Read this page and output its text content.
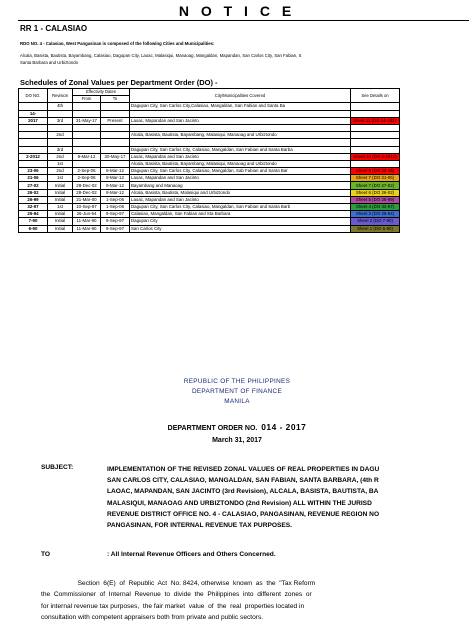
N O T I C E
RR 1 - CALASIAO
RDO NO. 4 - Calasiao, West Pangasinan is composed of the following Cities and Municipalities:
Alcala, Basista, Bautista, Bayambang, Calasiao, Dagupan City, Laoac, Malasiqui, Manaoag, Mangaldan, Mapandan, San Carlos City, San Fabian, S
Santa Barbara and Urbiztondo
Schedules of Zonal Values per Department Order (DO) -
DO NO.	Revision	Effectivity Dates		City/Municipalities Covered	See Details on
		From	To		
	4th			Dagupan City, San Carlos City,Calasiao, Mangaldan, San Fabian and Santa Ba	
14-					
2017	3rd	31-May-17	Present	Laoac, Mapandan and San Jacinto	Sheet 11 (DO 14-2017

	2nd			Alcala, Basista, Bautista, Bayambang, Malasiqui, Manaoag and Urbiztondo	

	3rd			Dagupan City, San Carlos City, Calasiao, Mangaldan, San Fabian and Santa Barba	
2-2012	2nd	9-Mar-12	30-May-17	Laoac, Mapandan and San Jacinto	Sheet 10 (DO 2-2012)
	1st			Alcala, Basista, Bautista, Bayambang, Malasiqui, Manaoag and Urbiztondo	
23-06	2nd	2-Sep-06	8-Mar-12	Dagupan City, San Carlos City, Calasiao, Mangaldan, Sab Fabian and Santa Bar	Sheet 9 (DO 23-06)
21-06	1st	2-Sep-06	8-Mar-12	Laoac, Mapandan and San Jacinto	Sheet 7 (DO 21-06)
27-02	Initial	28-Dec-02	8-Mar-12	Bayambang and Manaoag	Sheet 7 (DO 27-02)
26-02	Initial	28-Dec-02	8-Mar-12	Alcala, Basista, Bautista, Malasiqui and Urbiztondo	Sheet 6 (DO 26-02)
26-99	Initial	21-Mar-00	1-Sep-06	Laoac, Mapandan and San Jacinto	Sheet 5 (DO 26-99)
32-97	1st	10-Sep-97	1-Sep-06	Dagupan City, San Carlos City, Calasiao, Mangaldan, San Fabian and Santa Barb	Sheet 4 (DO 32-97)
25-94	Initial	26-Jun-94	9-Sep-97	Calasiao, Mangaldan, San Fabian and Sta Barbara	Sheet 3 (DO 25-94)
7-90	Initial	11-Mar-90	9-Sep-97	Dagupan City	Sheet 2 (DO 7-90)
6-90	Initial	11-Mar-90	9-Sep-97	San Carlos City	Sheet 1 (DO 6-90)
REPUBLIC OF THE PHILIPPINES
DEPARTMENT OF FINANCE
MANILA
DEPARTMENT ORDER NO. 014 - 2017
March 31, 2017
SUBJECT:	IMPLEMENTATION OF THE REVISED ZONAL VALUES OF REAL PROPERTIES IN DAGU
SAN CARLOS CITY, CALASIAO, MANGALDAN, SAN FABIAN, SANTA BARBARA, (4th R
LAOAC, MAPANDAN, SAN JACINTO (3rd Revision), ALCALA, BASISTA, BAUTISTA, BA
MALASIQUI, MANAOAG AND URBIZTONDO (2nd Revision) ALL WITHIN THE JURISD
REVENUE DISTRICT OFFICE NO. 4 - CALASIAO, PANGASINAN, REVENUE REGION NO
PANGASINAN, FOR INTERNAL REVENUE TAX PURPOSES.
TO	: All Internal Revenue Officers and Others Concerned.
Section  6(E)  of  Republic  Act  No. 8424, otherwise  known  as  the  "Tax Reform
the  Commissioner  of  Internal  Revenue  to  divide  the  Philippines  into  different  zones  or
for internal revenue tax purposes,  the fair market  value  of  the  real  properties located in
consultation with competent appraisers both from private and public sectors.
